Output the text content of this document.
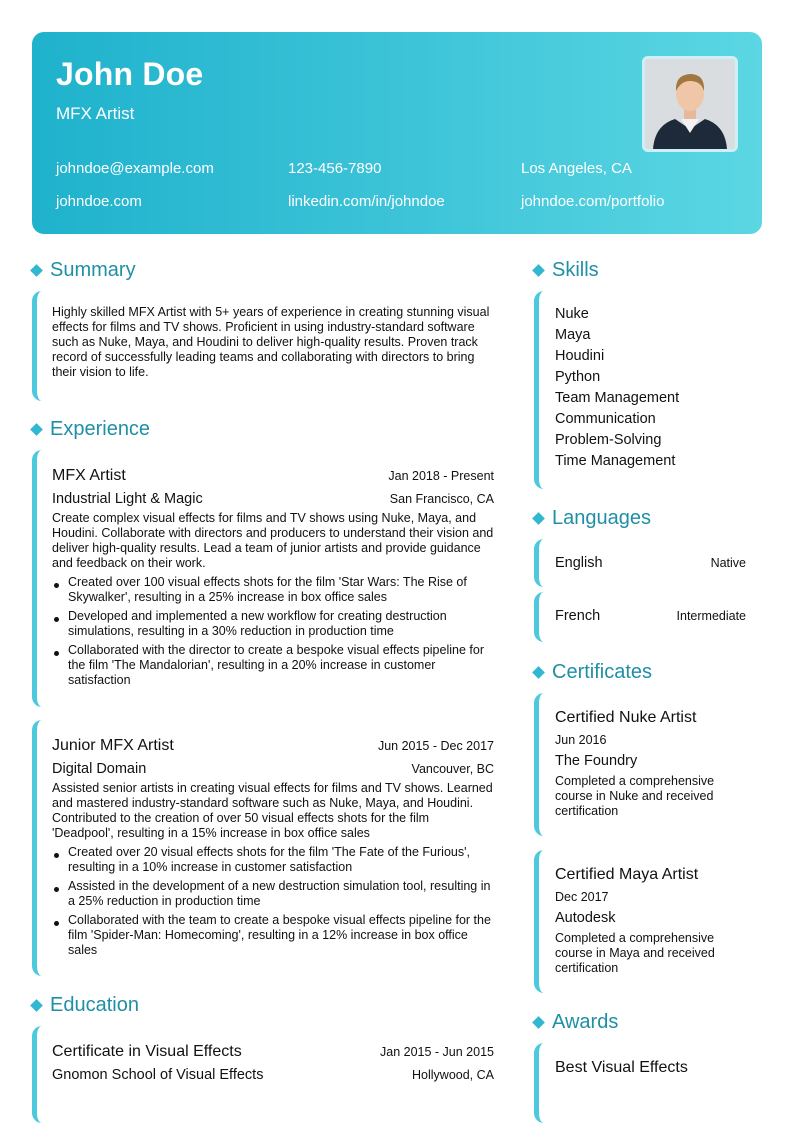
John Doe
MFX Artist
johndoe@example.com	123-456-7890	Los Angeles, CA
johndoe.com	linkedin.com/in/johndoe	johndoe.com/portfolio
Summary
Highly skilled MFX Artist with 5+ years of experience in creating stunning visual effects for films and TV shows. Proficient in using industry-standard software such as Nuke, Maya, and Houdini to deliver high-quality results. Proven track record of successfully leading teams and collaborating with directors to bring their vision to life.
Experience
MFX Artist	Jan 2018 - Present
Industrial Light & Magic	San Francisco, CA
Create complex visual effects for films and TV shows using Nuke, Maya, and Houdini. Collaborate with directors and producers to understand their vision and deliver high-quality results. Lead a team of junior artists and provide guidance and feedback on their work.
Created over 100 visual effects shots for the film 'Star Wars: The Rise of Skywalker', resulting in a 25% increase in box office sales
Developed and implemented a new workflow for creating destruction simulations, resulting in a 30% reduction in production time
Collaborated with the director to create a bespoke visual effects pipeline for the film 'The Mandalorian', resulting in a 20% increase in customer satisfaction
Junior MFX Artist	Jun 2015 - Dec 2017
Digital Domain	Vancouver, BC
Assisted senior artists in creating visual effects for films and TV shows. Learned and mastered industry-standard software such as Nuke, Maya, and Houdini. Contributed to the creation of over 50 visual effects shots for the film 'Deadpool', resulting in a 15% increase in box office sales
Created over 20 visual effects shots for the film 'The Fate of the Furious', resulting in a 10% increase in customer satisfaction
Assisted in the development of a new destruction simulation tool, resulting in a 25% reduction in production time
Collaborated with the team to create a bespoke visual effects pipeline for the film 'Spider-Man: Homecoming', resulting in a 12% increase in box office sales
Education
Certificate in Visual Effects	Jan 2015 - Jun 2015
Gnomon School of Visual Effects	Hollywood, CA
Skills
Nuke
Maya
Houdini
Python
Team Management
Communication
Problem-Solving
Time Management
Languages
English	Native
French	Intermediate
Certificates
Certified Nuke Artist
Jun 2016
The Foundry
Completed a comprehensive course in Nuke and received certification
Certified Maya Artist
Dec 2017
Autodesk
Completed a comprehensive course in Maya and received certification
Awards
Best Visual Effects
